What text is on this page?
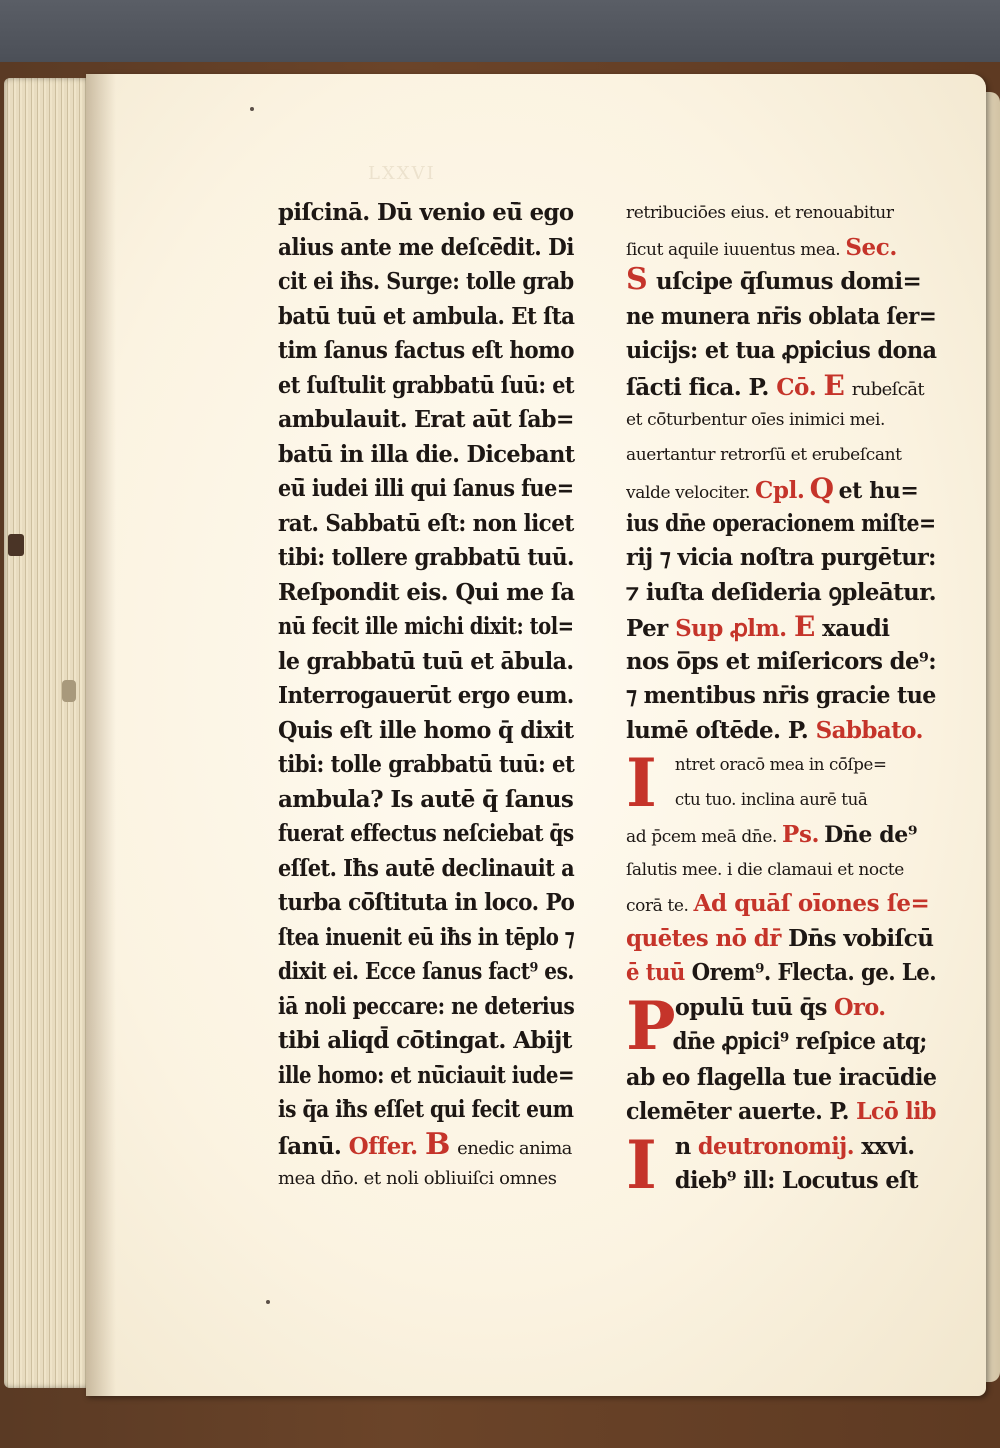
LXXVI
piſcinā. Dū venio eū̄ ego
alius ante me deſcē̄dit. Di
cit ei iħs. Surge: tolle grab
batū tuū et ambula. Et ſta
tim ſanus factus eſt homo
et ſuſtulit grabbatū ſuū: et
ambulauit. Erat aūt ſab=
batū in illa die. Dicebant
eū̄ iudei illi qui ſanus fue=
rat. Sabbatū eſt: non licet
tibi: tollere grabbatū tuū.
Reſpondit eis. Qui me ſa
nū fecit ille michi dixit: tol=
le grabbatū tuū et ābula.
Interrogauerūt ergo eum.
Quis eſt ille homo q̄ dixit
tibi: tolle grabbatū tuū: et
ambula? Is autē q̄ ſanus
fuerat effectus neſciebat q̄s
eſſet. Iħs autē declinauit a
turba cō̄ſtituta in loco. Po
ſtea inuenit eū iħs in tēplo ⁊
dixit ei. Ecce ſanus fact⁹ es.
iā noli peccare: ne deterius
tibi aliqd̄ cō̄tingat. Abijt
ille homo: et nū̄ciauit iude=
is q̄a iħs eſſet qui fecit eum
ſanū. Offer. B enedic anima
mea dn̄o. et noli obliuiſci omnes
retribuciōes eius. et renouabitur
ſicut aquile iuuentus mea. Sec.
S uſcipe q̄ſumus domi=
ne munera nr̄is oblata ſer=
uicijs: et tua ꝓpicius dona
ſācti fica. P. Cō. E rubeſcāt
et cō̄turbentur oīes inimici mei.
auertantur retrorſū et erubeſcant
valde velociter. Cpl. Q et hu=
ius dn̄e operacionem miſte=
rij ⁊ vicia noſtra purgētur:
⁊ iuſta deſideria ꝯpleātur.
Per Sup ꝓlm. E xaudi
nos o̅ps et miſericors de⁹:
⁊ mentibus nr̄is gracie tue
lumē oſtēde. P. Sabbato.
I	ntret oracō mea in cō̄ſpe=
ctu tuo. inclina aurē tuā
ad p̄cem meā dn̄e. Ps. Dn̄e de⁹
ſalutis mee. i die clamaui et nocte
corā te. Ad quāſ oīones ſe=
quētes nō dr̄ Dn̄s vobiſcū
ē tuū Orem⁹. Flecta. ge. Le.
P opulū tuū q̄s Oro.
dn̄e ꝓpici⁹ reſpice atq;
ab eo flagella tue iracūdie
clemēter auerte. P. Lcō lib
I n deutronomij. xxvi.
dieb⁹ ill: Locutus eſt
